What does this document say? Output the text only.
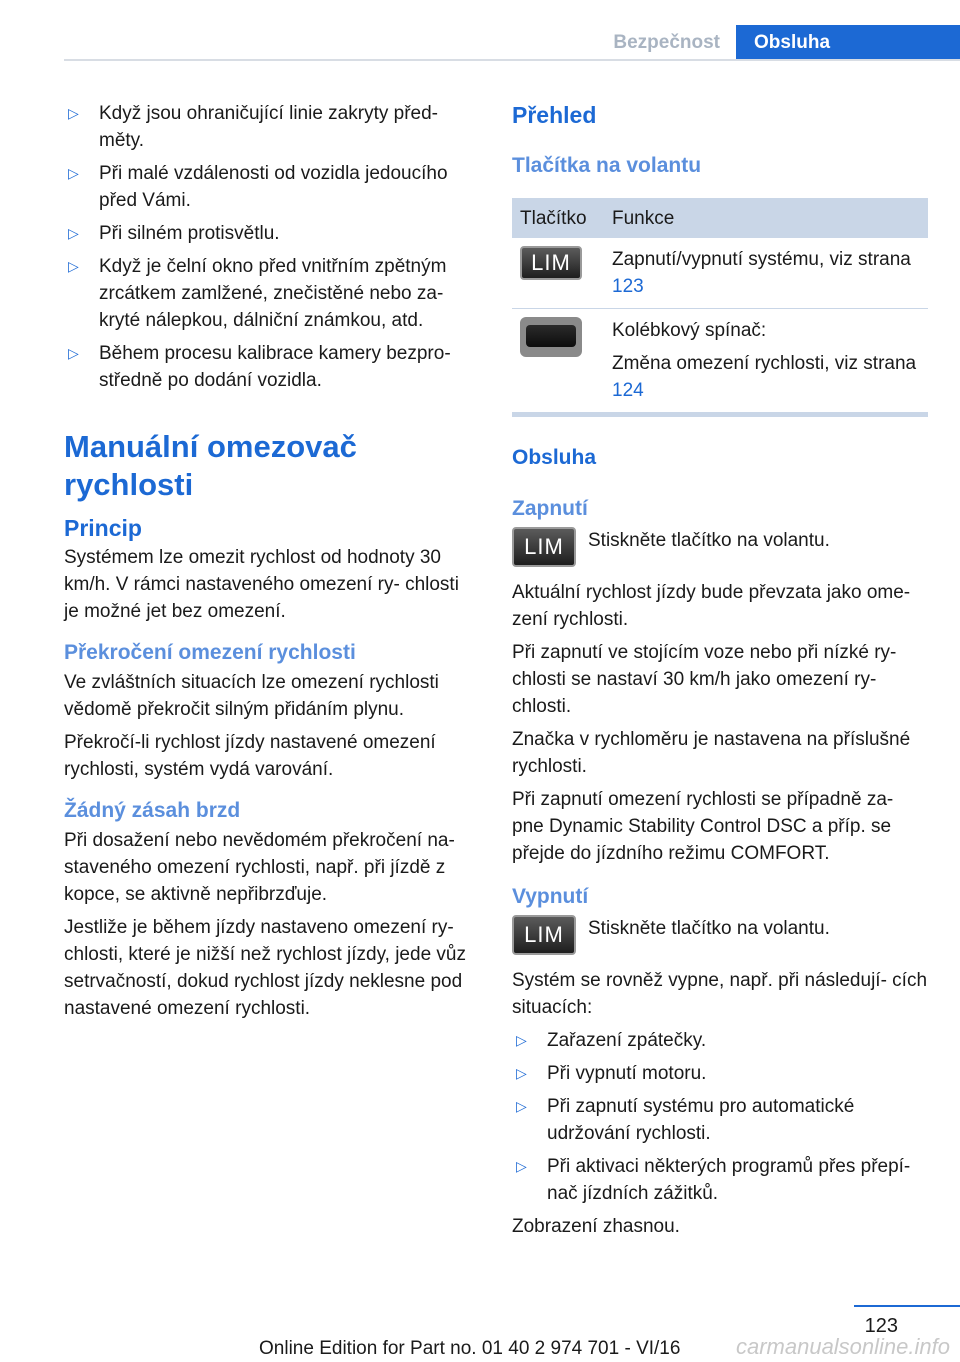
Bezpečnost	Obsluha
▷ Když jsou ohraničující linie zakryty před‐
měty.
▷ Při malé vzdálenosti od vozidla jedoucího
před Vámi.
▷ Při silném protisvětlu.
▷ Když je čelní okno před vnitřním zpětným
zrcátkem zamlžené, znečistěné nebo za‐
kryté nálepkou, dálniční známkou, atd.
▷ Během procesu kalibrace kamery bezpro‐
středně po dodání vozidla.
Manuální omezovač rychlosti
Princip

Systémem lze omezit rychlost od hodnoty 30 km/h. V rámci nastaveného omezení ry‐ chlosti je možné jet bez omezení.

Překročení omezení rychlosti

Ve zvláštních situacích lze omezení rychlosti vědomě překročit silným přidáním plynu.

Překročí-li rychlost jízdy nastavené omezení rychlosti, systém vydá varování.

Žádný zásah brzd

Při dosažení nebo nevědomém překročení na‐ staveného omezení rychlosti, např. při jízdě z kopce, se aktivně nepřibrzďuje.

Jestliže je během jízdy nastaveno omezení ry‐ chlosti, které je nižší než rychlost jízdy, jede vůz setrvačností, dokud rychlost jízdy neklesne pod nastavené omezení rychlosti.

Přehled
Tlačítka na volantu
Tlačítko	Funkce
LIM	Zapnutí/vypnutí systému, viz strana 123

	Kolébkový spínač:
Změna omezení rychlosti, viz strana 124
Obsluha
Zapnutí
LIM	Stiskněte tlačítko na volantu.

Aktuální rychlost jízdy bude převzata jako ome‐ zení rychlosti.

Při zapnutí ve stojícím voze nebo při nízké ry‐ chlosti se nastaví 30 km/h jako omezení ry‐ chlosti.

Značka v rychloměru je nastavena na příslušné rychlosti.

Při zapnutí omezení rychlosti se případně za‐ pne Dynamic Stability Control DSC a příp. se přejde do jízdního režimu COMFORT.

Vypnutí
LIM	Stiskněte tlačítko na volantu.

Systém se rovněž vypne, např. při následují‐ cích situacích:

▷ Zařazení zpátečky.
▷ Při vypnutí motoru.
▷ Při zapnutí systému pro automatické
udržování rychlosti.
▷ Při aktivaci některých programů přes přepí‐
nač jízdních zážitků.

Zobrazení zhasnou.

123
Online Edition for Part no. 01 40 2 974 701 - VI/16	carmanualsonline.info
